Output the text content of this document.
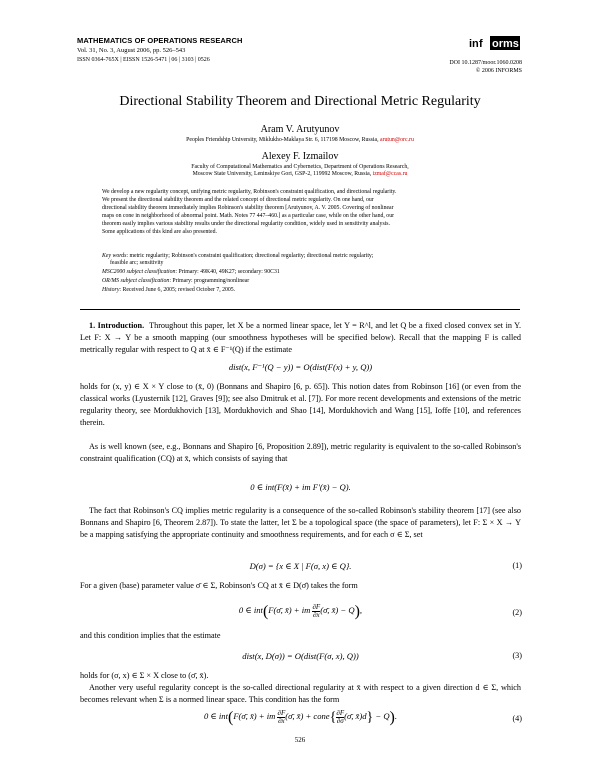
MATHEMATICS OF OPERATIONS RESEARCH
Vol. 31, No. 3, August 2006, pp. 526–543
ISSN 0364-765X | EISSN 1526-5471 | 06 | 3103 | 0526
in f orms
DOI 10.1287/moor.1060.0208
© 2006 INFORMS
Directional Stability Theorem and Directional Metric Regularity
Aram V. Arutyunov
Peoples Friendship University, Miklukho-Maklaya Str. 6, 117198 Moscow, Russia, arutun@orc.ru
Alexey F. Izmailov
Faculty of Computational Mathematics and Cybernetics, Department of Operations Research,
Moscow State University, Leninskiye Gori, GSP-2, 119992 Moscow, Russia, izmaf@ccas.ru
We develop a new regularity concept, unifying metric regularity, Robinson's constraint qualification, and directional regularity.
We present the directional stability theorem and the related concept of directional metric regularity. On one hand, our
directional stability theorem immediately implies Robinson's stability theorem [Arutyunov, A. V. 2005. Covering of nonlinear
maps on cone in neighborhood of abnormal point. Math. Notes 77 447–460.] as a particular case, while on the other hand, our
theorem easily implies various stability results under the directional regularity condition, widely used in sensitivity analysis.
Some applications of this kind are also presented.
Key words: metric regularity; Robinson's constraint qualification; directional regularity; directional metric regularity;
feasible arc; sensitivity
MSC2000 subject classification: Primary: 49K40, 49K27; secondary: 90C31
OR/MS subject classification: Primary: programming/nonlinear
History: Received June 6, 2005; revised October 7, 2005.
1. Introduction. Throughout this paper, let X be a normed linear space, let Y = R^l, and let Q be a fixed closed convex set in Y. Let F: X → Y be a smooth mapping (our smoothness hypotheses will be specified below). Recall that the mapping F is called metrically regular with respect to Q at x̄ ∈ F⁻¹(Q) if the estimate
dist(x, F⁻¹(Q − y)) = O(dist(F(x) + y, Q))
holds for (x, y) ∈ X × Y close to (x̄, 0) (Bonnans and Shapiro [6, p. 65]). This notion dates from Robinson [16] (or even from the classical works (Lyusternik [12], Graves [9]); see also Dmitruk et al. [7]). For more recent developments and extensions of the metric regularity theory, see Mordukhovich [13], Mordukhovich and Shao [14], Mordukhovich and Wang [15], Ioffe [10], and references therein.
As is well known (see, e.g., Bonnans and Shapiro [6, Proposition 2.89]), metric regularity is equivalent to the so-called Robinson's constraint qualification (CQ) at x̄, which consists of saying that
0 ∈ int(F(x̄) + im F′(x̄) − Q).
The fact that Robinson's CQ implies metric regularity is a consequence of the so-called Robinson's stability theorem [17] (see also Bonnans and Shapiro [6, Theorem 2.87]). To state the latter, let Σ be a topological space (the space of parameters), let F: Σ × X → Y be a mapping satisfying the appropriate continuity and smoothness requirements, and for each σ ∈ Σ, set
D(σ) = {x ∈ X | F(σ, x) ∈ Q}.	(1)
For a given (base) parameter value σ̄ ∈ Σ, Robinson's CQ at x̄ ∈ D(σ̄) takes the form
0 ∈ int(F(σ̄, x̄) + im $\frac{\partial F}{\partial x}$ (σ̄, x̄) − Q),	(2)
and this condition implies that the estimate
dist(x, D(σ)) = O(dist(F(σ, x), Q))	(3)
holds for (σ, x) ∈ Σ × X close to (σ̄, x̄).
Another very useful regularity concept is the so-called directional regularity at x̄ with respect to a given direction d ∈ Σ, which becomes relevant when Σ is a normed linear space. This condition has the form
0 ∈ int(F(σ̄, x̄) + im $\frac{\partial F}{\partial x}$ (σ̄, x̄) + cone{ $\frac{\partial F}{\partial\sigma}$ (σ̄, x̄)d} − Q).	(4)
526
